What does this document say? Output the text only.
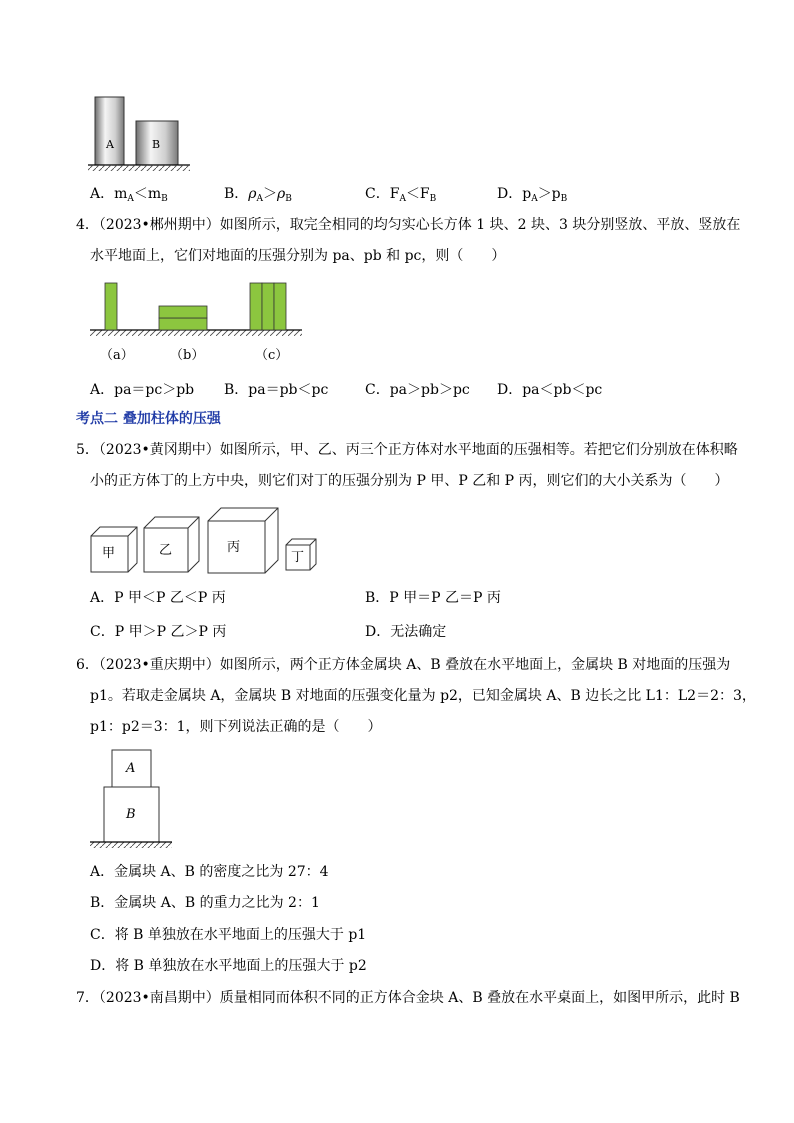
A	B
A．$m_A<m_B$	B．$\rho_A>\rho_B$	C．$F_A<F_B$	D．$p_A>p_B$
4．（2023•郴州期中）如图所示，取完全相同的均匀实心长方体 1 块、2 块、3 块分别竖放、平放、竖放在
水平地面上，它们对地面的压强分别为 pa、pb 和 pc，则（　　）
（a）	（b）	（c）
A．pa＝pc＞pb B．pa＝pb＜pc	C．pa＞pb＞pc D．pa＜pb＜pc
考点二 叠加柱体的压强
5．（2023•黄冈期中）如图所示，甲、乙、丙三个正方体对水平地面的压强相等。若把它们分别放在体积略
小的正方体丁的上方中央，则它们对丁的压强分别为 P 甲、P 乙和 P 丙，则它们的大小关系为（　　）
甲	乙	丙
丁
A．P 甲＜P 乙＜P 丙	B．P 甲＝P 乙＝P 丙
C．P 甲＞P 乙＞P 丙	D．无法确定
6．（2023•重庆期中）如图所示，两个正方体金属块 A、B 叠放在水平地面上，金属块 B 对地面的压强为
p1。若取走金属块 A，金属块 B 对地面的压强变化量为 p2，已知金属块 A、B 边长之比 L1：L2＝2：3，
p1：p2＝3：1，则下列说法正确的是（　　）
A
B
A．金属块 A、B 的密度之比为 27：4
B．金属块 A、B 的重力之比为 2：1
C．将 B 单独放在水平地面上的压强大于 p1
D．将 B 单独放在水平地面上的压强大于 p2
7．（2023•南昌期中）质量相同而体积不同的正方体合金块 A、B 叠放在水平桌面上，如图甲所示，此时 B
